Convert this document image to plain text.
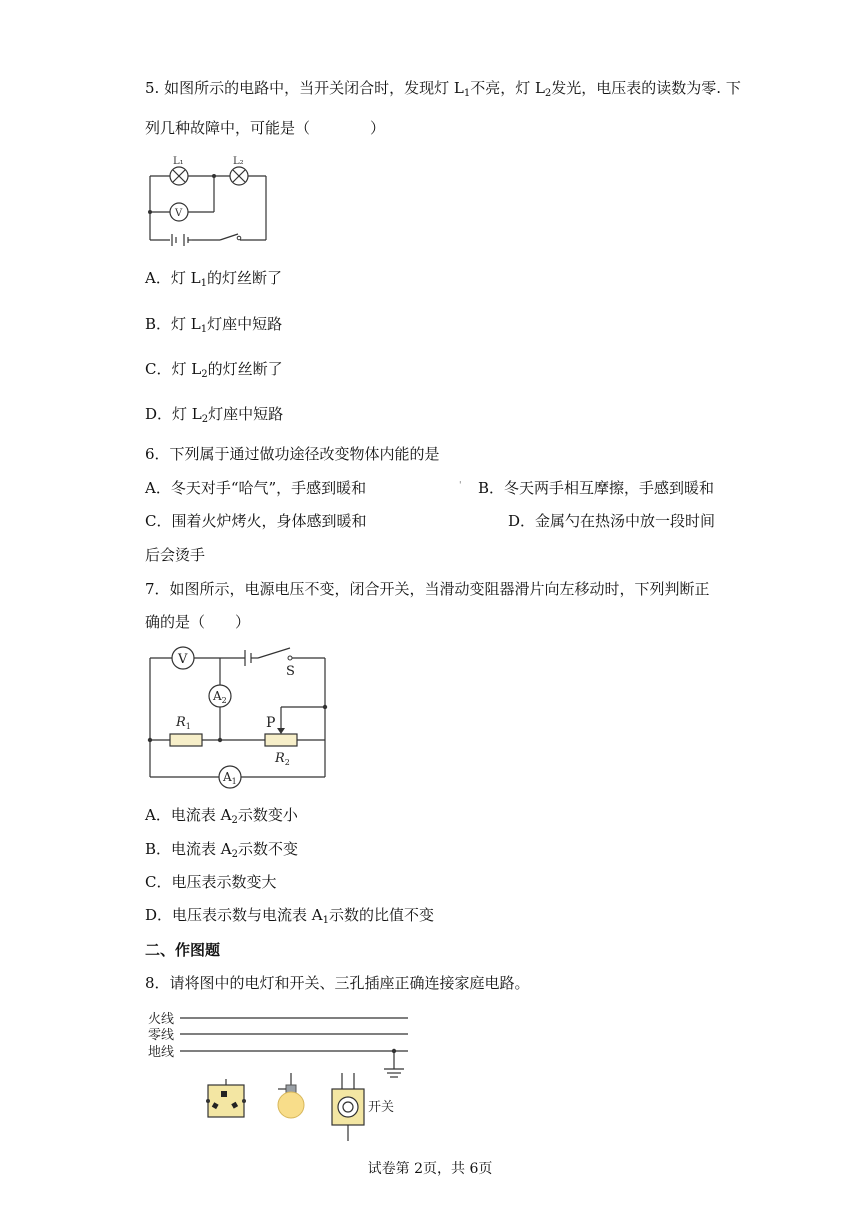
5. 如图所示的电路中，当开关闭合时，发现灯 $L_1$不亮，灯 $L_2$发光，电压表的读数为零. 下
列几种故障中，可能是（　　　　）
L₁	L₂
V
A．灯 $L_1$的灯丝断了
B．灯 $L_1$灯座中短路
C．灯 $L_2$的灯丝断了
D．灯 $L_2$灯座中短路
6．下列属于通过做功途径改变物体内能的是
A．冬天对手“哈气”，手感到暖和	' B．冬天两手相互摩擦，手感到暖和
C．围着火炉烤火，身体感到暖和	D．金属勺在热汤中放一段时间
后会烫手
7．如图所示，电源电压不变，闭合开关，当滑动变阻器滑片向左移动时，下列判断正
确的是（　　）
V
S
$A_2$
$R_1$	P
$R_2$
$A_1$
A．电流表 $A_2$示数变小
B．电流表 $A_2$示数不变
C．电压表示数变大
D．电压表示数与电流表 $A_1$示数的比值不变
二、作图题
8．请将图中的电灯和开关、三孔插座正确连接家庭电路。
火线
零线
地线
开关
试卷第 2页，共 6页
